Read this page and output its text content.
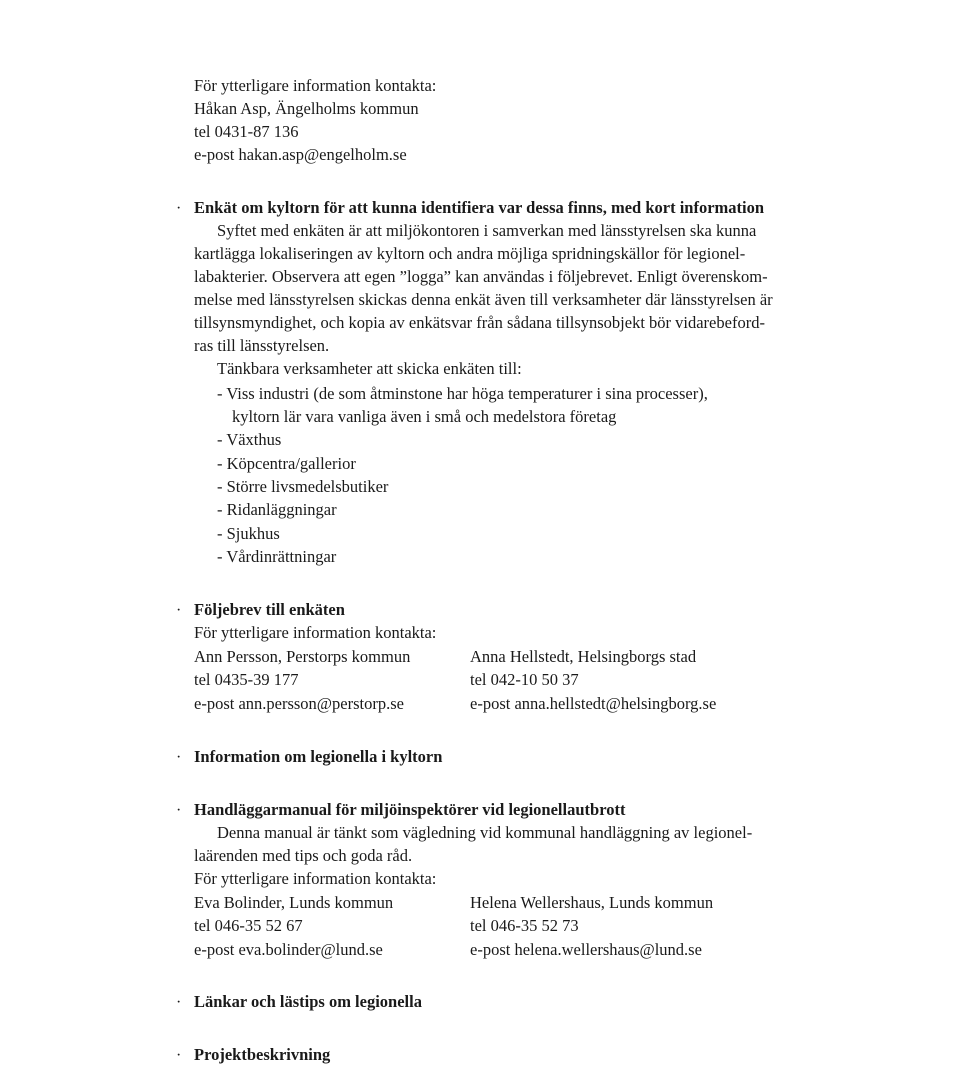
För ytterligare information kontakta:
Håkan Asp, Ängelholms kommun
tel 0431-87 136
e-post hakan.asp@engelholm.se
· Enkät om kyltorn för att kunna identifiera var dessa finns, med kort information
Syftet med enkäten är att miljökontoren i samverkan med länsstyrelsen ska kunna
kartlägga lokaliseringen av kyltorn och andra möjliga spridningskällor för legionel-
labakterier. Observera att egen ”logga” kan användas i följebrevet. Enligt överenskom-
melse med länsstyrelsen skickas denna enkät även till verksamheter där länsstyrelsen är
tillsynsmyndighet, och kopia av enkätsvar från sådana tillsynsobjekt bör vidarebeford-
ras till länsstyrelsen.
Tänkbara verksamheter att skicka enkäten till:
- Viss industri (de som åtminstone har höga temperaturer i sina processer),
kyltorn lär vara vanliga även i små och medelstora företag
- Växthus
- Köpcentra/gallerior
- Större livsmedelsbutiker
- Ridanläggningar
- Sjukhus
- Vårdinrättningar
· Följebrev till enkäten
För ytterligare information kontakta:
Ann Persson, Perstorps kommun	Anna Hellstedt, Helsingborgs stad
tel 0435-39 177	tel 042-10 50 37
e-post ann.persson@perstorp.se	e-post anna.hellstedt@helsingborg.se
· Information om legionella i kyltorn
· Handläggarmanual för miljöinspektörer vid legionellautbrott
Denna manual är tänkt som vägledning vid kommunal handläggning av legionel-
laärenden med tips och goda råd.
För ytterligare information kontakta:
Eva Bolinder, Lunds kommun	Helena Wellershaus, Lunds kommun
tel 046-35 52 67	tel 046-35 52 73
e-post eva.bolinder@lund.se	e-post helena.wellershaus@lund.se
· Länkar och lästips om legionella
· Projektbeskrivning
